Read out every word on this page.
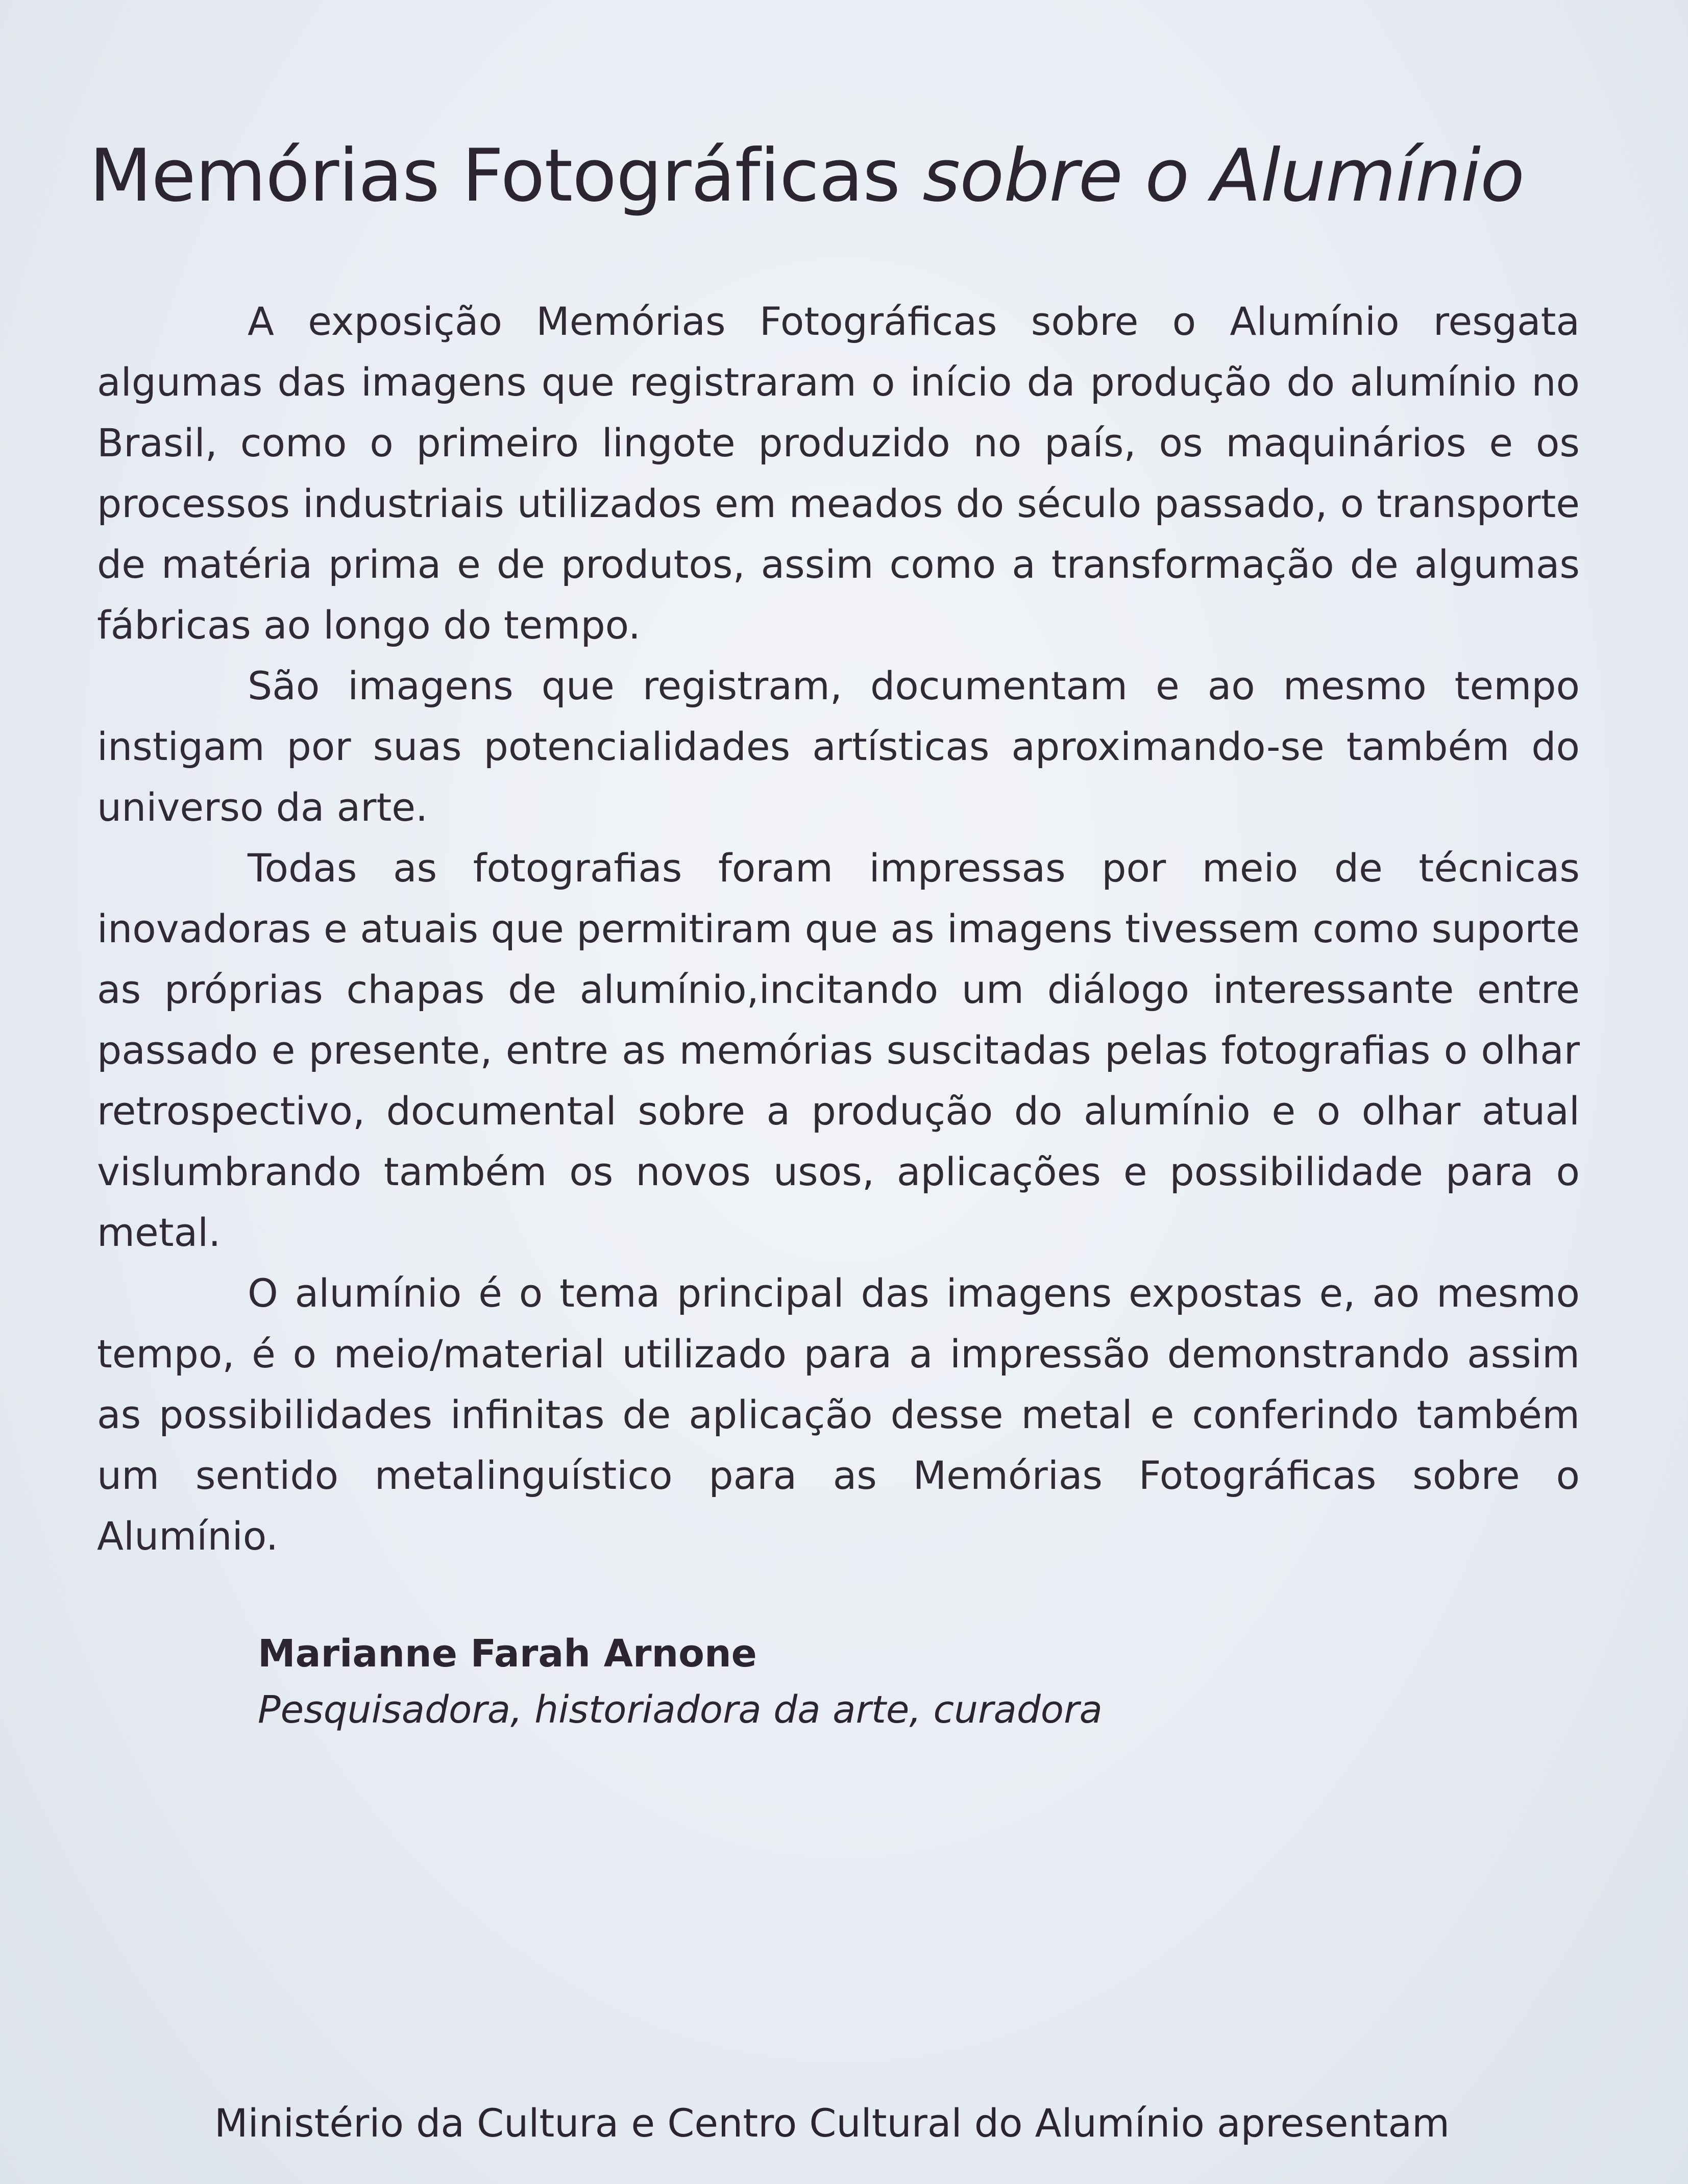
Memórias Fotográficas sobre o Alumínio

A exposição Memórias Fotográficas sobre o Alumínio resgata algumas das imagens que registraram o início da produção do alumínio no Brasil, como o primeiro lingote produzido no país, os maquinários e os processos industriais utilizados em meados do século passado, o transporte de matéria prima e de produtos, assim como a transformação de algumas fábricas ao longo do tempo.

São imagens que registram, documentam e ao mesmo tempo instigam por suas potencialidades artísticas aproximando-se também do universo da arte.

Todas as fotografias foram impressas por meio de técnicas inovadoras e atuais que permitiram que as imagens tivessem como suporte as próprias chapas de alumínio,incitando um diálogo interessante entre passado e presente, entre as memórias suscitadas pelas fotografias o olhar retrospectivo, documental sobre a produção do alumínio e o olhar atual vislumbrando também os novos usos, aplicações e possibilidade para o metal.

O alumínio é o tema principal das imagens expostas e, ao mesmo tempo, é o meio/material utilizado para a impressão demonstrando assim as possibilidades infinitas de aplicação desse metal e conferindo também um sentido metalinguístico para as Memórias Fotográficas sobre o Alumínio.

Marianne Farah Arnone
Pesquisadora, historiadora da arte, curadora
Ministério da Cultura e Centro Cultural do Alumínio apresentam
